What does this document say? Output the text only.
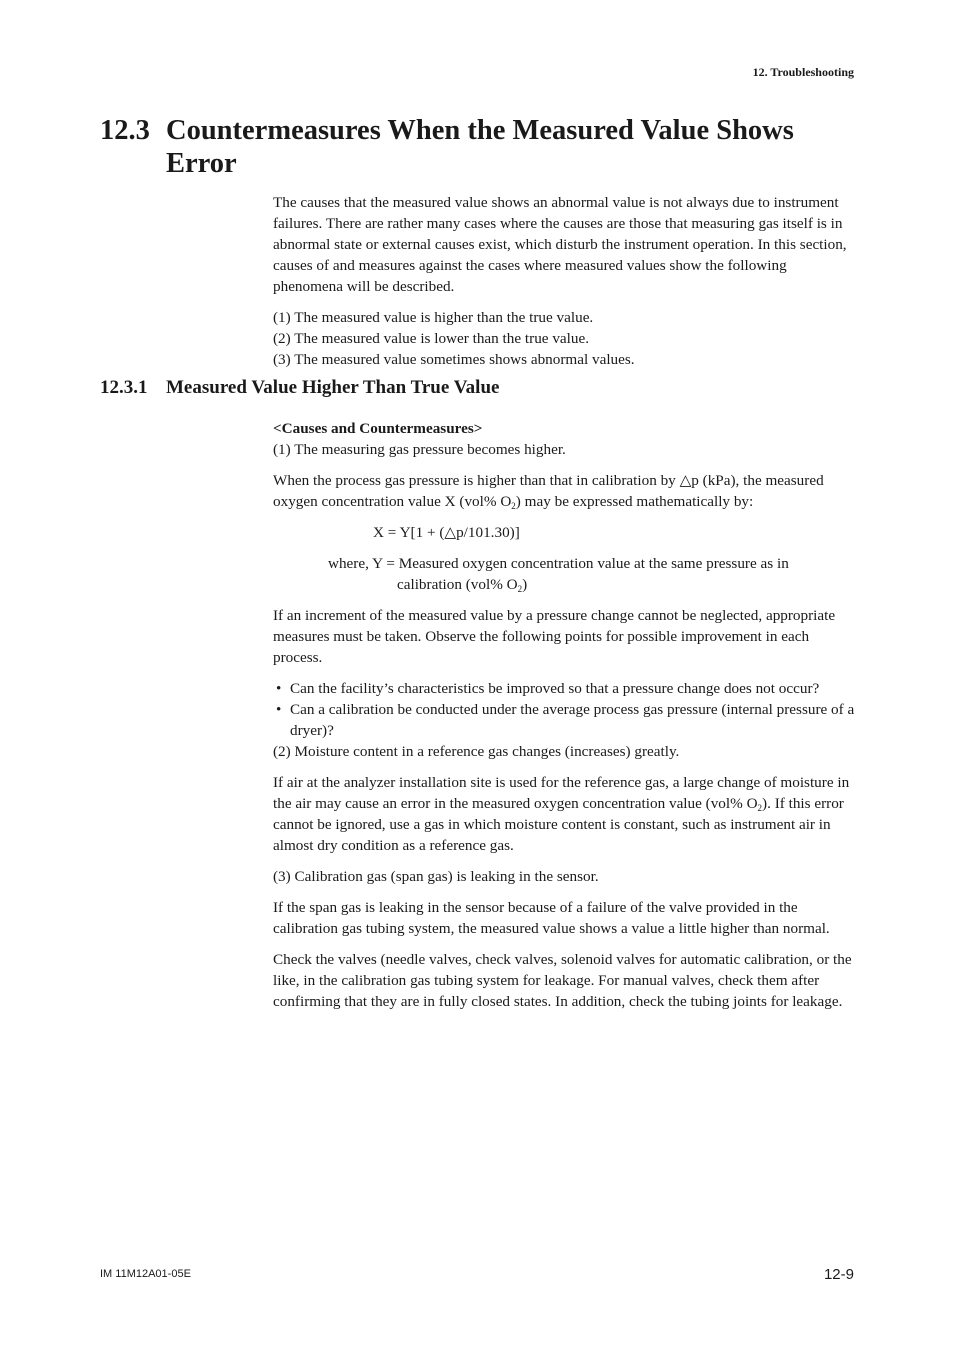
12. Troubleshooting
12.3 Countermeasures When the Measured Value Shows Error

The causes that the measured value shows an abnormal value is not always due to instrument failures. There are rather many cases where the causes are those that measuring gas itself is in abnormal state or external causes exist, which disturb the instrument operation. In this section, causes of and measures against the cases where measured values show the following phenomena will be described.

(1) The measured value is higher than the true value.

(2) The measured value is lower than the true value.

(3) The measured value sometimes shows abnormal values.

12.3.1 Measured Value Higher Than True Value

<Causes and Countermeasures>

(1) The measuring gas pressure becomes higher.

When the process gas pressure is higher than that in calibration by △p (kPa), the measured oxygen concentration value X (vol% $O_2$) may be expressed mathematically by:

X = Y[1 + (△p/101.30)]

where, Y = Measured oxygen concentration value at the same pressure as in
calibration (vol% $O_2$)

If an increment of the measured value by a pressure change cannot be neglected, appropriate measures must be taken. Observe the following points for possible improvement in each process.

• Can the facility’s characteristics be improved so that a pressure change does not occur?
• Can a calibration be conducted under the average process gas pressure (internal pressure of a dryer)?

(2) Moisture content in a reference gas changes (increases) greatly.

If air at the analyzer installation site is used for the reference gas, a large change of moisture in the air may cause an error in the measured oxygen concentration value (vol% $O_2$). If this error cannot be ignored, use a gas in which moisture content is constant, such as instrument air in almost dry condition as a reference gas.

(3) Calibration gas (span gas) is leaking in the sensor.

If the span gas is leaking in the sensor because of a failure of the valve provided in the calibration gas tubing system, the measured value shows a value a little higher than normal.

Check the valves (needle valves, check valves, solenoid valves for automatic calibration, or the like, in the calibration gas tubing system for leakage. For manual valves, check them after confirming that they are in fully closed states. In addition, check the tubing joints for leakage.

IM 11M12A01-05E	12-9
